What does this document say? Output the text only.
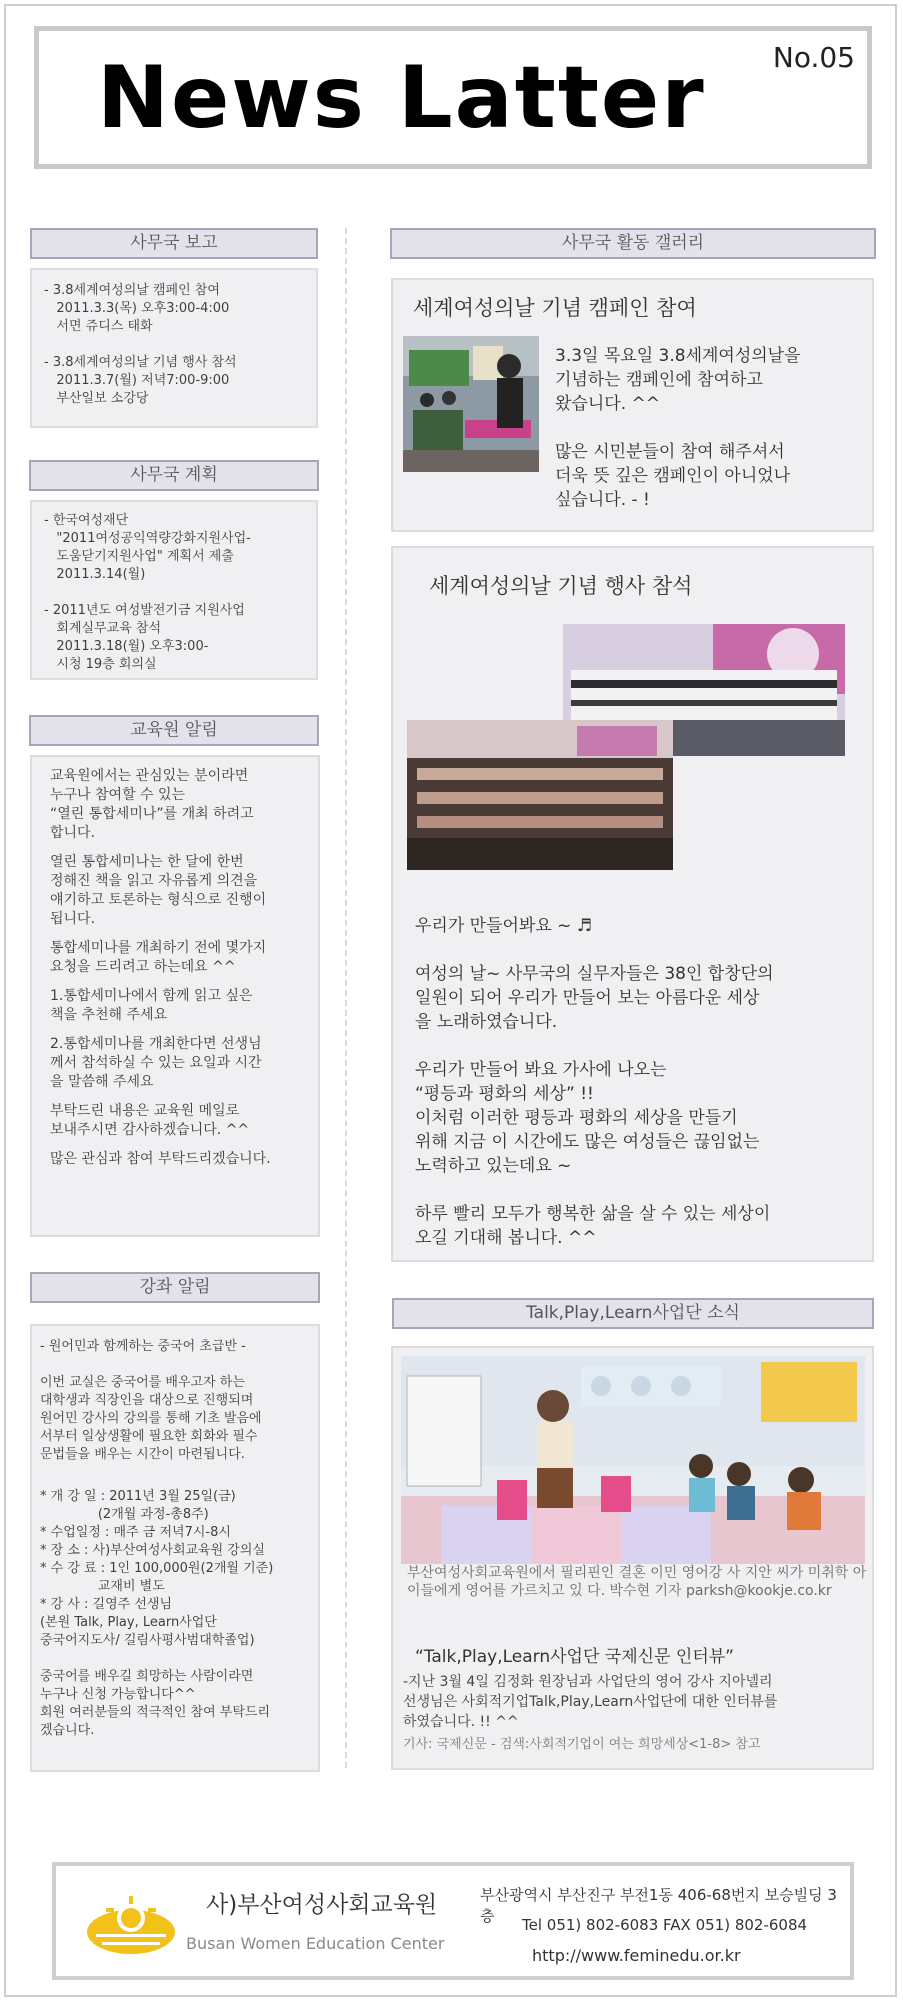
News Latter No.05
사무국 보고
- 3.8세계여성의날 캠페인 참여
2011.3.3(목) 오후3:00-4:00
서면 쥬디스 태화
- 3.8세계여성의날 기념 행사 참석
2011.3.7(월) 저녁7:00-9:00
부산일보 소강당
사무국 계획
- 한국여성재단
"2011여성공익역량강화지원사업-
도움닫기지원사업" 계획서 제출
2011.3.14(월)
- 2011년도 여성발전기금 지원사업
회계실무교육 참석
2011.3.18(월) 오후3:00-
시청 19층 회의실
교육원 알림
교육원에서는 관심있는 분이라면
누구나 참여할 수 있는
“열린 통합세미나”를 개최 하려고
합니다.
열린 통합세미나는 한 달에 한번
정해진 책을 읽고 자유롭게 의견을
얘기하고 토론하는 형식으로 진행이
됩니다.
통합세미나를 개최하기 전에 몇가지
요청을 드리려고 하는데요 ^^
1.통합세미나에서 함께 읽고 싶은
책을 추천해 주세요
2.통합세미나를 개최한다면 선생님
께서 참석하실 수 있는 요일과 시간
을 말씀해 주세요
부탁드린 내용은 교육원 메일로
보내주시면 감사하겠습니다. ^^
많은 관심과 참여 부탁드리겠습니다.
강좌 알림
- 원어민과 함께하는 중국어 초급반 -
이번 교실은 중국어를 배우고자 하는
대학생과 직장인을 대상으로 진행되며
원어민 강사의 강의를 통해 기초 발음에
서부터 일상생활에 필요한 회화와 필수
문법들을 배우는 시간이 마련됩니다.
* 개 강 일 : 2011년 3월 25일(금)
(2개월 과정-총8주)
* 수업일정 : 매주 금 저녁7시-8시
* 장 소 : 사)부산여성사회교육원 강의실
* 수 강 료 : 1인 100,000원(2개월 기준)
교재비 별도
* 강 사 : 길영주 선생님
(본원 Talk, Play, Learn사업단
중국어지도사/ 길림사평사범대학졸업)
중국어를 배우길 희망하는 사람이라면
누구나 신청 가능합니다^^
회원 여러분들의 적극적인 참여 부탁드리
겠습니다.
사무국 활동 갤러리
세계여성의날 기념 캠페인 참여
3.3일 목요일 3.8세계여성의날을
기념하는 캠페인에 참여하고
왔습니다. ^^

많은 시민분들이 참여 해주셔서
더욱 뜻 깊은 캠페인이 아니었나
싶습니다. - !
세계여성의날 기념 행사 참석
우리가 만들어봐요 ~ ♬
여성의 날~ 사무국의 실무자들은 38인 합창단의
일원이 되어 우리가 만들어 보는 아름다운 세상
을 노래하였습니다.
우리가 만들어 봐요 가사에 나오는
“평등과 평화의 세상” !!
이처럼 이러한 평등과 평화의 세상을 만들기
위해 지금 이 시간에도 많은 여성들은 끊임없는
노력하고 있는데요 ~
하루 빨리 모두가 행복한 삶을 살 수 있는 세상이
오길 기대해 봅니다. ^^
Talk,Play,Learn사업단 소식
부산여성사회교육원에서 필리핀인 결혼 이민 영어강 사 지안 씨가 미취학 아이들에게 영어를 가르치고 있 다. 박수현 기자 parksh@kookje.co.kr
“Talk,Play,Learn사업단 국제신문 인터뷰”
-지난 3월 4일 김정화 원장님과 사업단의 영어 강사 지아넬리
선생님은 사회적기업Talk,Play,Learn사업단에 대한 인터뷰를
하였습니다. !! ^^
기사: 국제신문 - 검색:사회적기업이 여는 희망세상<1-8> 참고
사)부산여성사회교육원
Busan Women Education Center
부산광역시 부산진구 부전1동 406-68번지 보승빌딩 3층	Tel 051) 802-6083 FAX 051) 802-6084
http://www.feminedu.or.kr
